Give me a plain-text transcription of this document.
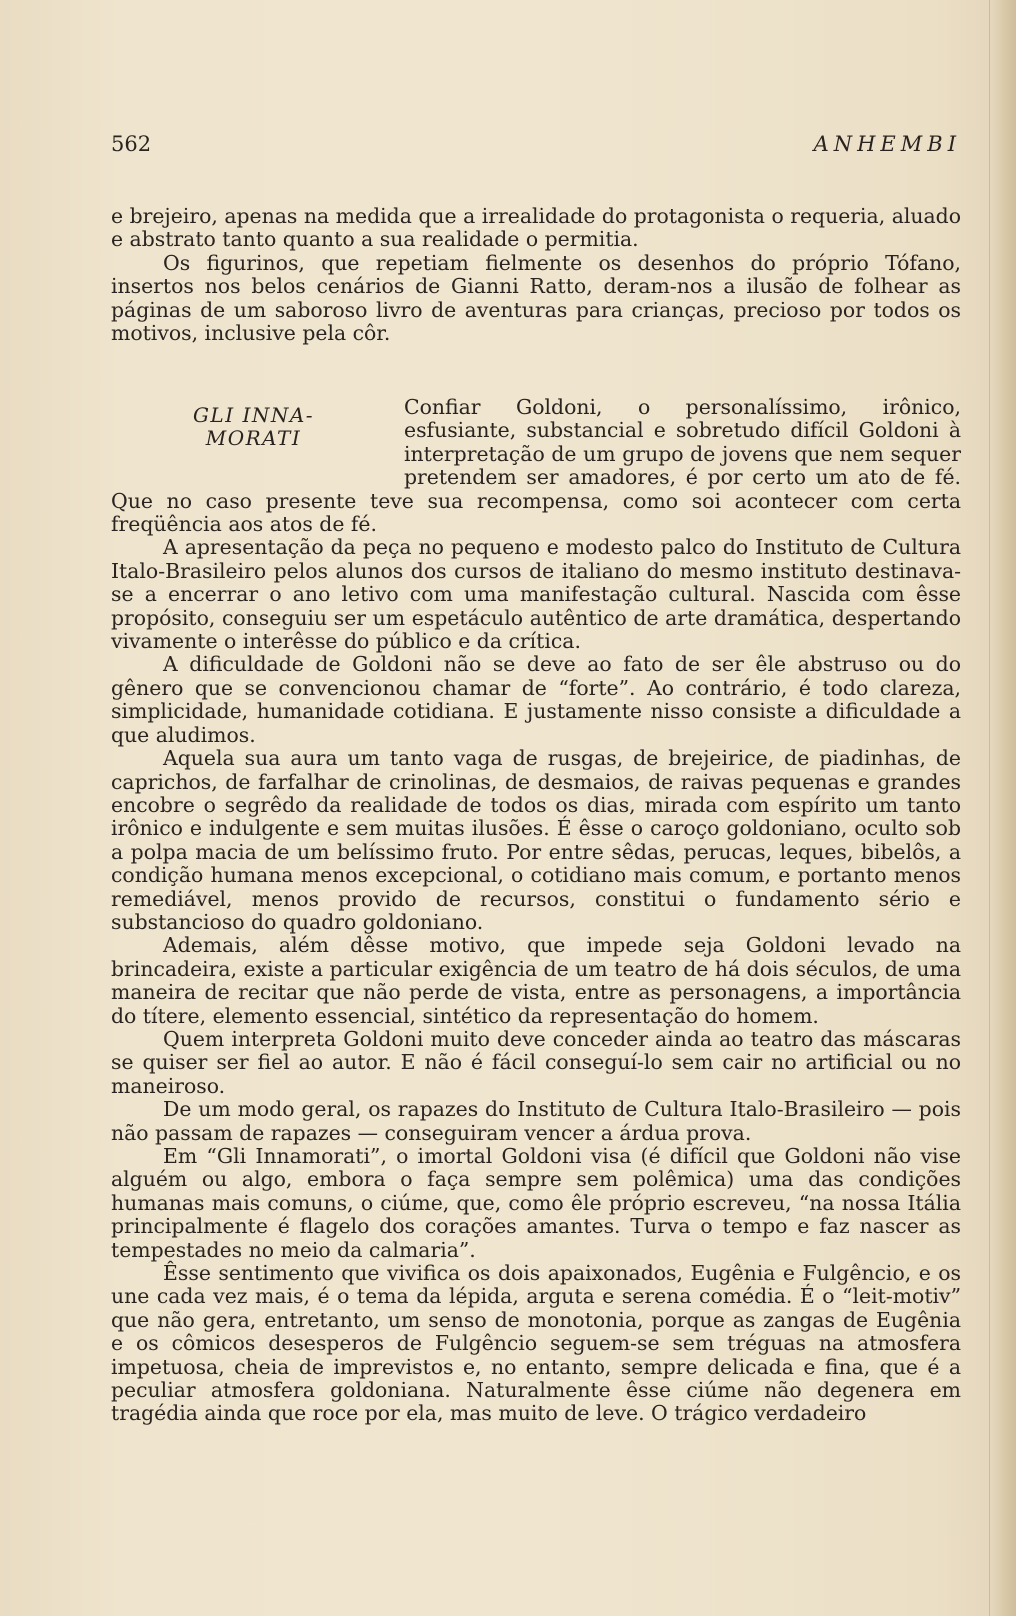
562	ANHEMBI

e brejeiro, apenas na medida que a irrealidade do protagonista o requeria, aluado e abstrato tanto quanto a sua realidade o permitia.

Os figurinos, que repetiam fielmente os desenhos do próprio Tófano, insertos nos belos cenários de Gianni Ratto, deram-nos a ilusão de folhear as páginas de um saboroso livro de aventuras para crianças, precioso por todos os motivos, inclusive pela côr.

GLI INNA-
MORATI

Confiar Goldoni, o personalíssimo, irônico, esfusiante, substancial e sobretudo difícil Goldoni à interpretação de um grupo de jovens que nem sequer pretendem ser amadores, é por certo um ato de fé. Que no caso presente teve sua recompensa, como soi acontecer com certa freqüência aos atos de fé.

A apresentação da peça no pequeno e modesto palco do Instituto de Cultura Italo-Brasileiro pelos alunos dos cursos de italiano do mesmo instituto destinava-se a encerrar o ano letivo com uma manifestação cultural. Nascida com êsse propósito, conseguiu ser um espetáculo autêntico de arte dramática, despertando vivamente o interêsse do público e da crítica.

A dificuldade de Goldoni não se deve ao fato de ser êle abstruso ou do gênero que se convencionou chamar de “forte”. Ao contrário, é todo clareza, simplicidade, humanidade cotidiana. E justamente nisso consiste a dificuldade a que aludimos.

Aquela sua aura um tanto vaga de rusgas, de brejeirice, de piadinhas, de caprichos, de farfalhar de crinolinas, de desmaios, de raivas pequenas e grandes encobre o segrêdo da realidade de todos os dias, mirada com espírito um tanto irônico e indulgente e sem muitas ilusões. É êsse o caroço goldoniano, oculto sob a polpa macia de um belíssimo fruto. Por entre sêdas, perucas, leques, bibelôs, a condição humana menos excepcional, o cotidiano mais comum, e portanto menos remediável, menos provido de recursos, constitui o fundamento sério e substancioso do quadro goldoniano.

Ademais, além dêsse motivo, que impede seja Goldoni levado na brincadeira, existe a particular exigência de um teatro de há dois séculos, de uma maneira de recitar que não perde de vista, entre as personagens, a importância do títere, elemento essencial, sintético da representação do homem.

Quem interpreta Goldoni muito deve conceder ainda ao teatro das máscaras se quiser ser fiel ao autor. E não é fácil conseguí-lo sem cair no artificial ou no maneiroso.

De um modo geral, os rapazes do Instituto de Cultura Italo-Brasileiro — pois não passam de rapazes — conseguiram vencer a árdua prova.

Em “Gli Innamorati”, o imortal Goldoni visa (é difícil que Goldoni não vise alguém ou algo, embora o faça sempre sem polêmica) uma das condições humanas mais comuns, o ciúme, que, como êle próprio escreveu, “na nossa Itália principalmente é flagelo dos corações amantes. Turva o tempo e faz nascer as tempestades no meio da calmaria”.

Êsse sentimento que vivifica os dois apaixonados, Eugênia e Fulgêncio, e os une cada vez mais, é o tema da lépida, arguta e serena comédia. É o “leit-motiv” que não gera, entretanto, um senso de monotonia, porque as zangas de Eugênia e os cômicos desesperos de Fulgêncio seguem-se sem tréguas na atmosfera impetuosa, cheia de imprevistos e, no entanto, sempre delicada e fina, que é a peculiar atmosfera goldoniana. Naturalmente êsse ciúme não degenera em tragédia ainda que roce por ela, mas muito de leve. O trágico verdadeiro
